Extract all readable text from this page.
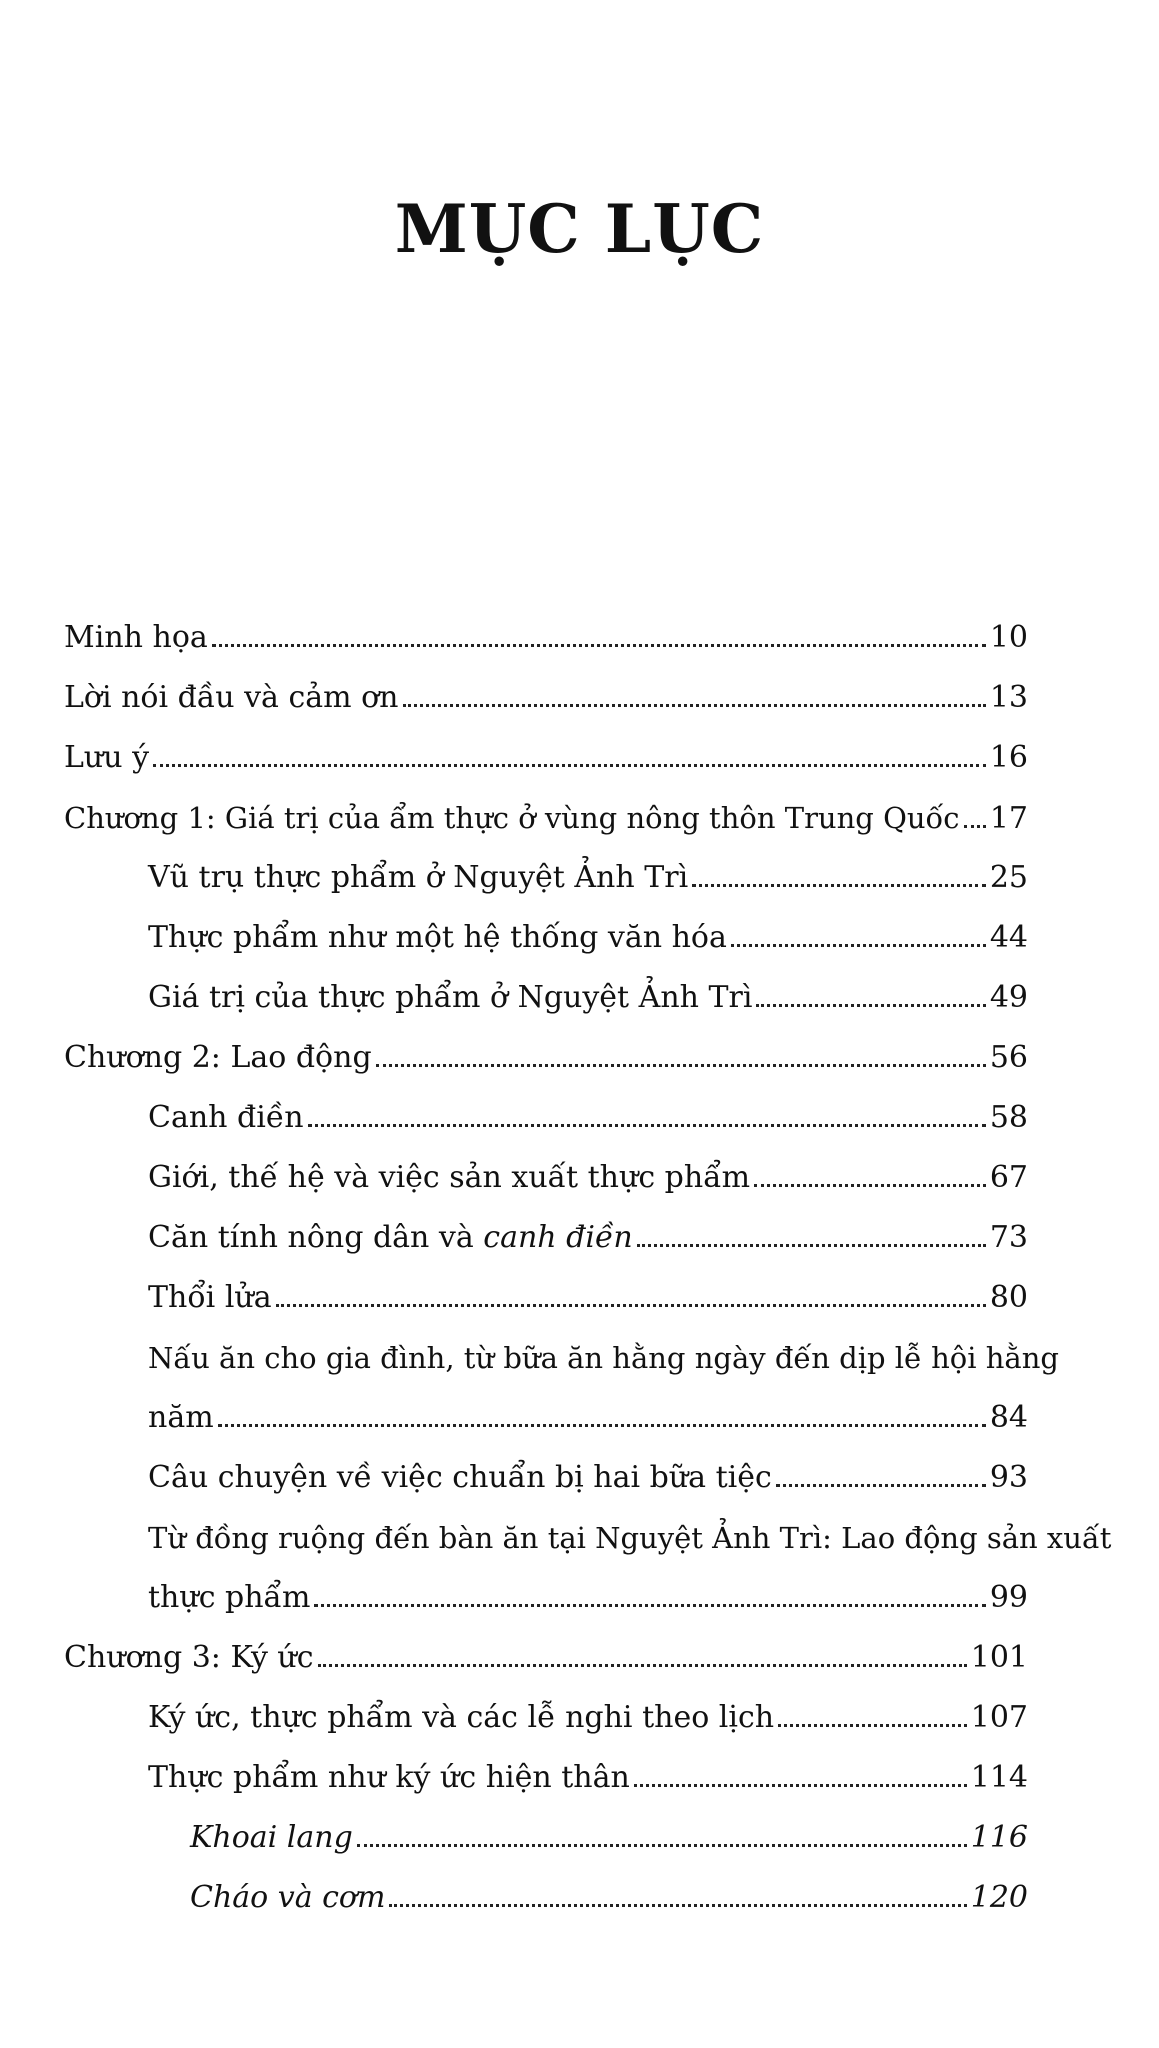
MỤC LỤC
Minh họa	10
Lời nói đầu và cảm ơn	13
Lưu ý	16
Chương 1: Giá trị của ẩm thực ở vùng nông thôn Trung Quốc 17
Vũ trụ thực phẩm ở Nguyệt Ảnh Trì	25
Thực phẩm như một hệ thống văn hóa	44
Giá trị của thực phẩm ở Nguyệt Ảnh Trì	49
Chương 2: Lao động	56
Canh điền	58
Giới, thế hệ và việc sản xuất thực phẩm	67
Căn tính nông dân và canh điền	73
Thổi lửa	80
Nấu ăn cho gia đình, từ bữa ăn hằng ngày đến dịp lễ hội hằng
năm	84
Câu chuyện về việc chuẩn bị hai bữa tiệc	93
Từ đồng ruộng đến bàn ăn tại Nguyệt Ảnh Trì: Lao động sản xuất
thực phẩm	99
Chương 3: Ký ức	101
Ký ức, thực phẩm và các lễ nghi theo lịch	107
Thực phẩm như ký ức hiện thân	114
Khoai lang	116
Cháo và cơm	120
